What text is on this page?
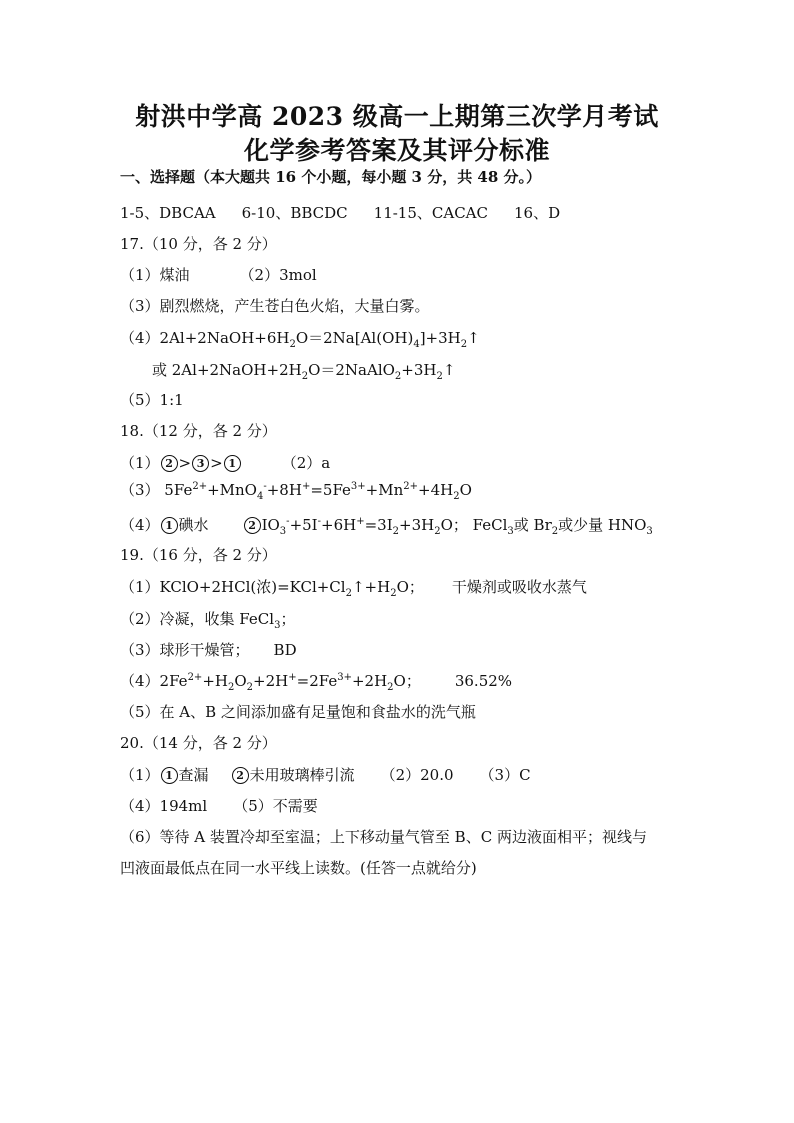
射洪中学高 2023 级高一上期第三次学月考试
化学参考答案及其评分标准
一、选择题（本大题共 16 个小题，每小题 3 分，共 48 分。）
1-5、DBCAA 6-10、BBCDC 11-15、CACAC 16、D
17.（10 分，各 2 分）
（1）煤油	（2）3mol
（3）剧烈燃烧，产生苍白色火焰，大量白雾。
$(4)2Al+2NaOH+6H_2O=2Na[Al(OH)_4]+3H_2↑$
或 $2Al+2NaOH+2H_2O=2NaAlO_2+3H_2↑$
（5）1:1
18.（12 分，各 2 分）
（1） 2 > 3 > 1	（2）a
（3） $5Fe^{2+}+MnO_4^-+8H^+=5Fe^{3+}+Mn^{2+}+4H_2O$
（4） 1 碘水	2 $IO_3^-+5I^-+6H^+=3I_2+3H_2O$； FeCl$_3$或 $Br_2$或少量 $HNO_3$
19.（16 分，各 2 分）
（1）KClO+2HCl(浓)$=KCl+Cl_2↑+H_2O$； 干燥剂或吸收水蒸气
（2）冷凝，收集 FeCl$_3$；
（3）球形干燥管； BD
$(4)2Fe^{2+}+H_2O_2+2H^+=2Fe^{3+}+2H_2O$； 36.52%
（5）在 A、B 之间添加盛有足量饱和食盐水的洗气瓶
20.（14 分，各 2 分）
（1） 1 查漏	2 未用玻璃棒引流 （2）20.0 （3）C
（4）194ml （5）不需要
（6）等待 A 装置冷却至室温；上下移动量气管至 B、C 两边液面相平；视线与
凹液面最低点在同一水平线上读数。(任答一点就给分)
